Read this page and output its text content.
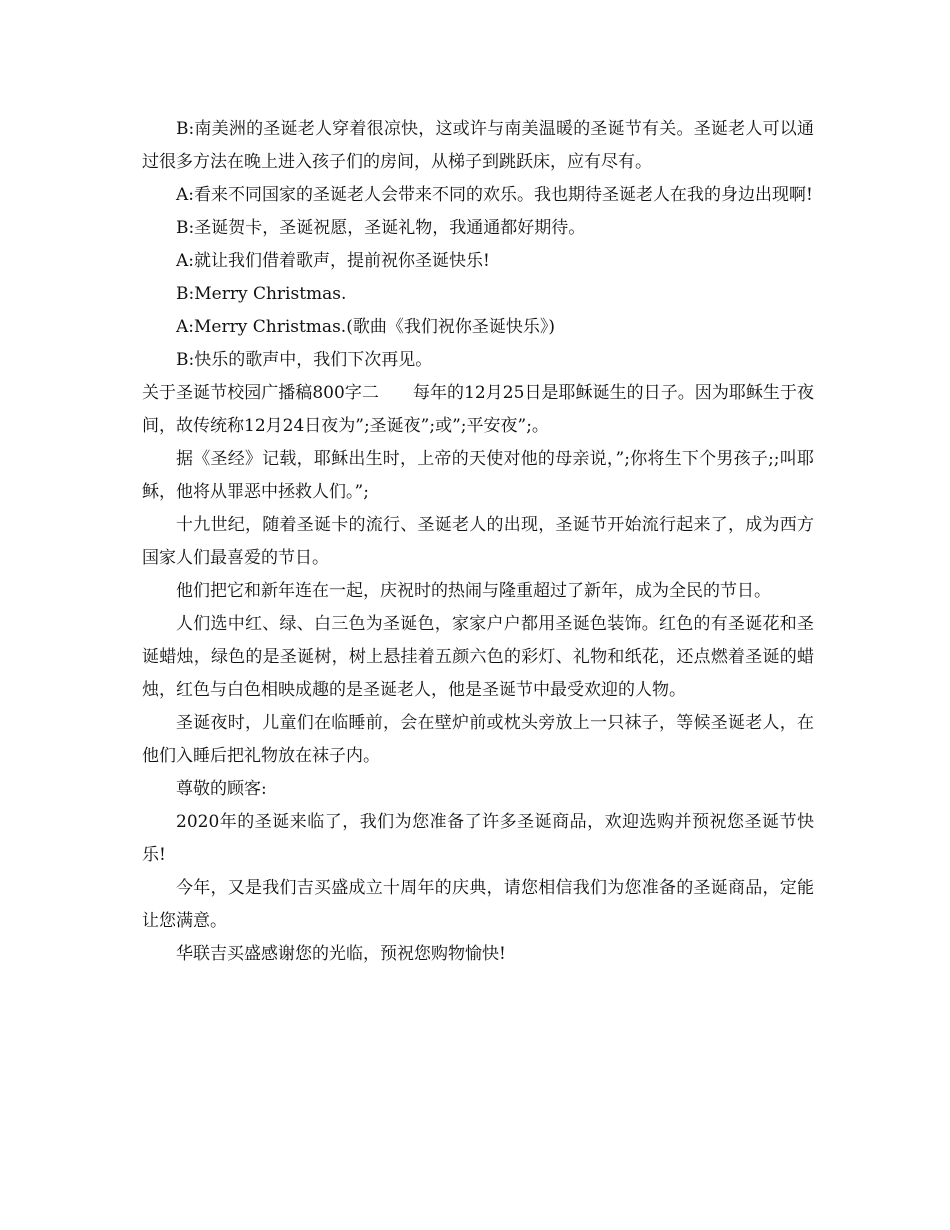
B:南美洲的圣诞老人穿着很凉快，这或许与南美温暖的圣诞节有关。圣诞老人可以通过很多方法在晚上进入孩子们的房间，从梯子到跳跃床，应有尽有。

A:看来不同国家的圣诞老人会带来不同的欢乐。我也期待圣诞老人在我的身边出现啊!

B:圣诞贺卡，圣诞祝愿，圣诞礼物，我通通都好期待。

A:就让我们借着歌声，提前祝你圣诞快乐!

B:Merry Christmas.

A:Merry Christmas.(歌曲《我们祝你圣诞快乐》)

B:快乐的歌声中，我们下次再见。

关于圣诞节校园广播稿800字二　　每年的12月25日是耶稣诞生的日子。因为耶稣生于夜间，故传统称12月24日夜为”;圣诞夜”;或”;平安夜”;。

据《圣经》记载，耶稣出生时，上帝的天使对他的母亲说，”;你将生下个男孩子;;叫耶稣，他将从罪恶中拯救人们。”;

十九世纪，随着圣诞卡的流行、圣诞老人的出现，圣诞节开始流行起来了，成为西方国家人们最喜爱的节日。

他们把它和新年连在一起，庆祝时的热闹与隆重超过了新年，成为全民的节日。

人们选中红、绿、白三色为圣诞色，家家户户都用圣诞色装饰。红色的有圣诞花和圣诞蜡烛，绿色的是圣诞树，树上悬挂着五颜六色的彩灯、礼物和纸花，还点燃着圣诞的蜡烛，红色与白色相映成趣的是圣诞老人，他是圣诞节中最受欢迎的人物。

圣诞夜时，儿童们在临睡前，会在壁炉前或枕头旁放上一只袜子，等候圣诞老人，在他们入睡后把礼物放在袜子内。

尊敬的顾客:

2020年的圣诞来临了，我们为您准备了许多圣诞商品，欢迎选购并预祝您圣诞节快乐!

今年，又是我们吉买盛成立十周年的庆典，请您相信我们为您准备的圣诞商品，定能让您满意。

华联吉买盛感谢您的光临，预祝您购物愉快!
